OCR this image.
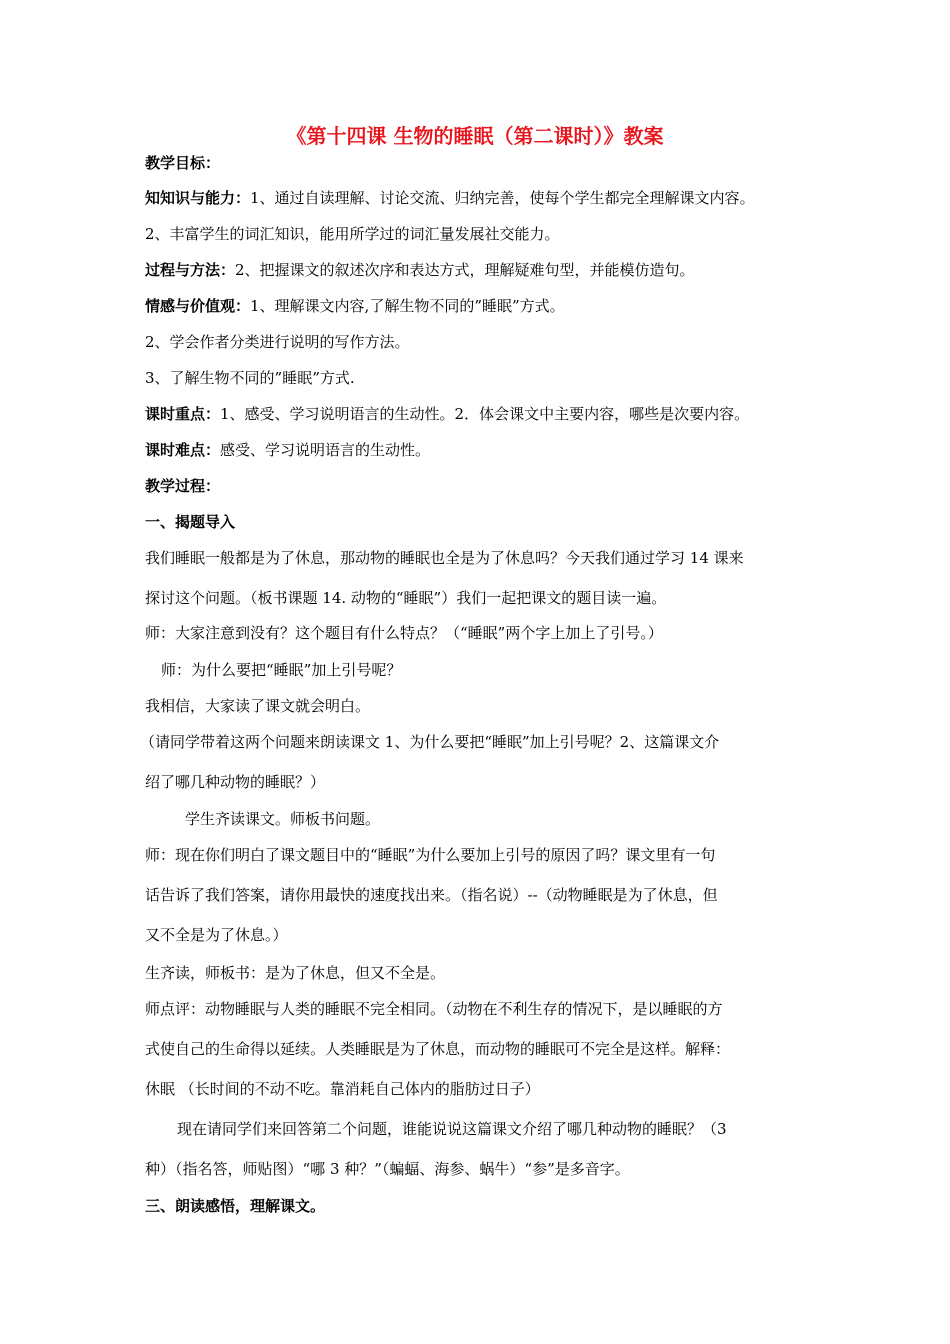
《第十四课 生物的睡眠（第二课时）》教案
教学目标：
知知识与能力：1、通过自读理解、讨论交流、归纳完善，使每个学生都完全理解课文内容。
2、丰富学生的词汇知识，能用所学过的词汇量发展社交能力。
过程与方法：2、把握课文的叙述次序和表达方式，理解疑难句型，并能模仿造句。
情感与价值观：1、理解课文内容,了解生物不同的”睡眠”方式。
2、学会作者分类进行说明的写作方法。
3、了解生物不同的”睡眠”方式.
课时重点：1、感受、学习说明语言的生动性。2．体会课文中主要内容，哪些是次要内容。
课时难点：感受、学习说明语言的生动性。
教学过程：
一、揭题导入
我们睡眠一般都是为了休息，那动物的睡眠也全是为了休息吗？今天我们通过学习 14 课来
探讨这个问题。（板书课题 14. 动物的“睡眠”）我们一起把课文的题目读一遍。
师：大家注意到没有？这个题目有什么特点？（“睡眠”两个字上加上了引号。）
师：为什么要把“睡眠”加上引号呢？
我相信，大家读了课文就会明白。
（请同学带着这两个问题来朗读课文 1、为什么要把“睡眠”加上引号呢？2、这篇课文介
绍了哪几种动物的睡眠？）
学生齐读课文。师板书问题。
师：现在你们明白了课文题目中的“睡眠”为什么要加上引号的原因了吗？课文里有一句
话告诉了我们答案，请你用最快的速度找出来。（指名说）--（动物睡眠是为了休息，但
又不全是为了休息。）
生齐读，师板书：是为了休息，但又不全是。
师点评：动物睡眠与人类的睡眠不完全相同。（动物在不利生存的情况下，是以睡眠的方
式使自己的生命得以延续。人类睡眠是为了休息，而动物的睡眠可不完全是这样。解释：
休眠 （长时间的不动不吃。靠消耗自己体内的脂肪过日子）
现在请同学们来回答第二个问题，谁能说说这篇课文介绍了哪几种动物的睡眠？（3
种）（指名答，师贴图）“哪 3 种？”（蝙蝠、海参、蜗牛）“参”是多音字。
三、朗读感悟，理解课文。
